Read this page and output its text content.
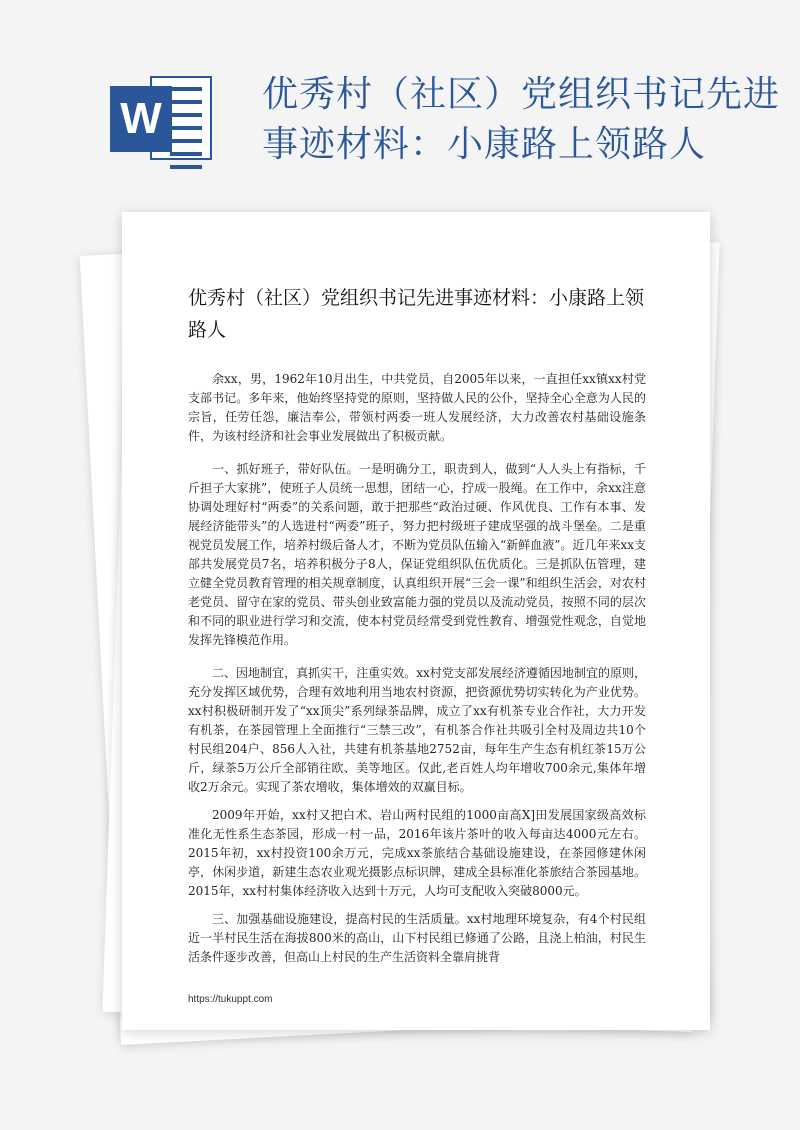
W	优秀村（社区）党组织书记先进事迹材料：小康路上领路人
优秀村（社区）党组织书记先进事迹材料：小康路上领路人

余xx，男，1962年10月出生，中共党员，自2005年以来，一直担任xx镇xx村党支部书记。多年来，他始终坚持党的原则，坚持做人民的公仆，坚持全心全意为人民的宗旨，任劳任怨，廉洁奉公，带领村两委一班人发展经济，大力改善农村基础设施条件，为该村经济和社会事业发展做出了积极贡献。

一、抓好班子，带好队伍。一是明确分工，职责到人，做到“人人头上有指标，千斤担子大家挑”，使班子人员统一思想，团结一心，拧成一股绳。在工作中，余xx注意协调处理好村“两委”的关系问题，敢于把那些“政治过硬、作风优良、工作有本事、发展经济能带头”的人选进村“两委”班子，努力把村级班子建成坚强的战斗堡垒。二是重视党员发展工作，培养村级后备人才，不断为党员队伍输入“新鲜血液”。近几年来xx支部共发展党员7名，培养积极分子8人，保证党组织队伍优质化。三是抓队伍管理，建立健全党员教育管理的相关规章制度，认真组织开展“三会一课”和组织生活会，对农村老党员、留守在家的党员、带头创业致富能力强的党员以及流动党员，按照不同的层次和不同的职业进行学习和交流，使本村党员经常受到党性教育、增强党性观念，自觉地发挥先锋模范作用。

二、因地制宜，真抓实干，注重实效。xx村党支部发展经济遵循因地制宜的原则，充分发挥区域优势，合理有效地利用当地农村资源，把资源优势切实转化为产业优势。xx村积极研制开发了“xx顶尖”系列绿茶品牌，成立了xx有机茶专业合作社，大力开发有机茶，在茶园管理上全面推行“三禁三改”，有机茶合作社共吸引全村及周边共10个村民组204户、856人入社，共建有机茶基地2752亩，每年生产生态有机红茶15万公斤，绿茶5万公斤全部销往欧、美等地区。仅此,老百姓人均年增收700余元,集体年增收2万余元。实现了茶农增收，集体增效的双赢目标。

2009年开始，xx村又把白术、岩山两村民组的1000亩高X]田发展国家级高效标准化无性系生态茶园，形成一村一品，2016年该片茶叶的收入每亩达4000元左右。2015年初，xx村投资100余万元，完成xx茶旅结合基础设施建设，在茶园修建休闲亭，休闲步道，新建生态农业观光摄影点标识牌，建成全县标准化茶旅结合茶园基地。2015年，xx村村集体经济收入达到十万元，人均可支配收入突破8000元。

三、加强基础设施建设，提高村民的生活质量。xx村地理环境复杂，有4个村民组近一半村民生活在海拔800米的高山，山下村民组已修通了公路，且浇上柏油，村民生活条件逐步改善，但高山上村民的生产生活资料全靠肩挑背

https://tukuppt.com
